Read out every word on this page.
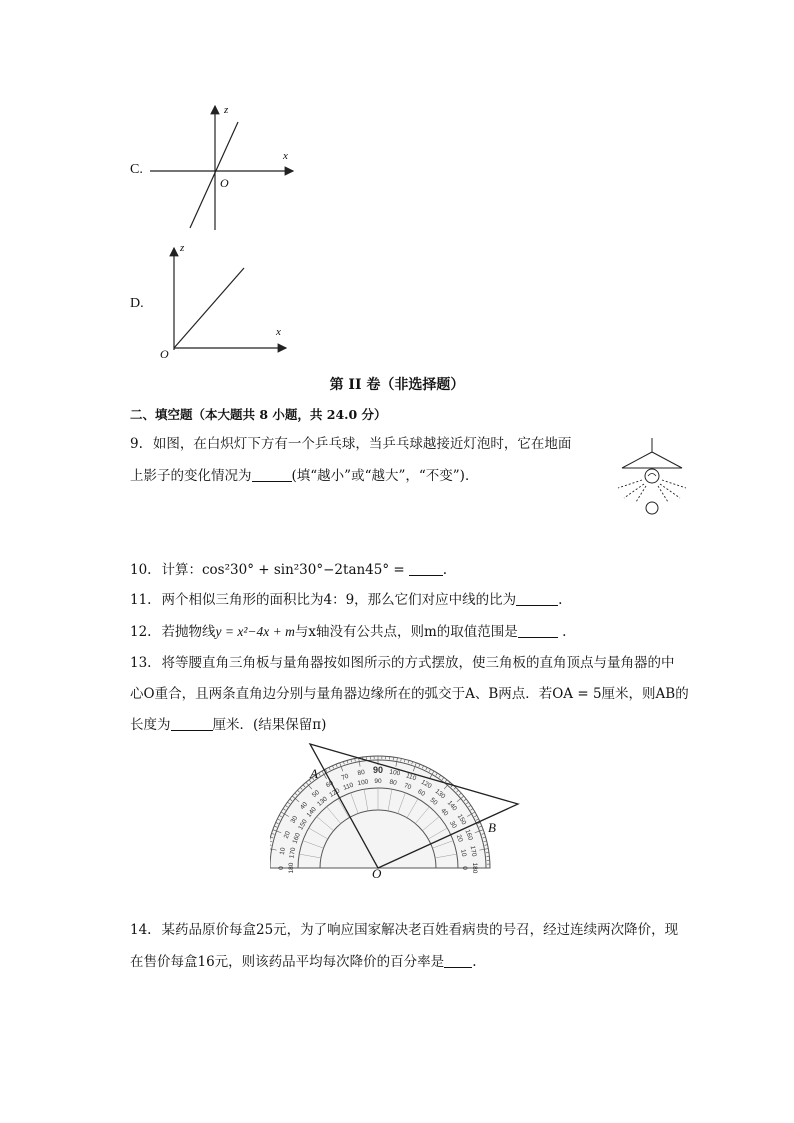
C.
z
x
O
D.
z
x
O
第 II 卷（非选择题）
二、填空题（本大题共 8 小题，共 24.0 分）
9. 如图，在白炽灯下方有一个乒乓球，当乒乓球越接近灯泡时，它在地面
上影子的变化情况为	(填“越小”或“越大”，“不变”)．
10. 计算：cos²30° + sin²30°−2tan45° =	.
11. 两个相似三角形的面积比为4：9，那么它们对应中线的比为	.
12. 若抛物线y = x²−4x + m与x轴没有公共点，则m的取值范围是	.
13. 将等腰直角三角板与量角器按如图所示的方式摆放，使三角板的直角顶点与量角器的中
心O重合，且两条直角边分别与量角器边缘所在的弧交于A、B两点．若OA = 5厘米，则AB的
长度为	厘米．(结果保留π)
0
10
20
30
40
50
60
70 80 90 100 110
120
130
140
150
160
170
180
180
170
160
150
140
130
120
110 100 90 80 70
60
50
40
30
20
10
0
A
B
O
14. 某药品原价每盒25元，为了响应国家解决老百姓看病贵的号召，经过连续两次降价，现
在售价每盒16元，则该药品平均每次降价的百分率是 .
